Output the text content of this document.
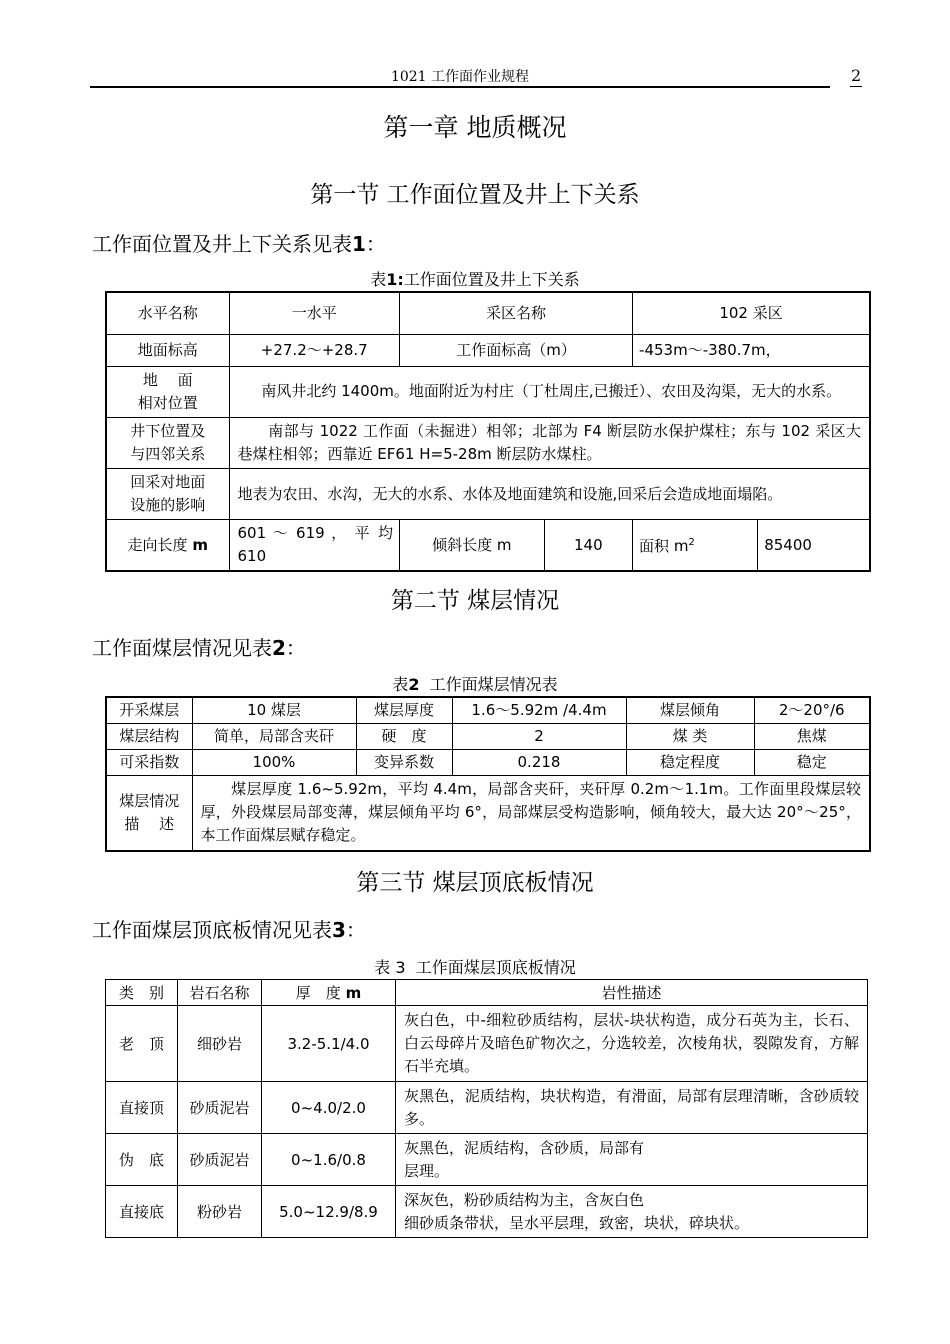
1021 工作面作业规程	2
第一章 地质概况
第一节 工作面位置及井上下关系
工作面位置及井上下关系见表1：
表1:工作面位置及井上下关系
水平名称	一水平	采区名称		102 采区	
地面标高	+27.2～+28.7	工作面标高（m）		-453m～-380.7m，	

地　 面
相对位置	南风井北约 1400m。地面附近为村庄（丁杜周庄,已搬迁）、农田及沟渠，无大的水系。				

井下位置及
与四邻关系	　　南部与 1022 工作面（未掘进）相邻；北部为 F4 断层防水保护煤柱；东与 102 采区大巷煤柱相邻；西靠近 EF61 H=5-28m 断层防水煤柱。				

回采对地面
设施的影响	地表为农田、水沟，无大的水系、水体及地面建筑和设施,回采后会造成地面塌陷。				
走向长度 m	601 ～ 619 ， 平 均 610	倾斜长度 m	140	面积 $m^2$	85400
第二节 煤层情况
工作面煤层情况见表2：
表2  工作面煤层情况表
开采煤层	10 煤层	煤层厚度	1.6～5.92m /4.4m	煤层倾角	2～20°/6
煤层结构	简单，局部含夹矸	硬　度	2	煤 类	焦煤
可采指数	100%	变异系数	0.218	稳定程度	稳定

煤层情况
描　 述	　　煤层厚度 1.6~5.92m，平均 4.4m，局部含夹矸，夹矸厚 0.2m～1.1m。工作面里段煤层较厚，外段煤层局部变薄，煤层倾角平均 6°，局部煤层受构造影响，倾角较大，最大达 20°～25°，本工作面煤层赋存稳定。				
第三节 煤层顶底板情况
工作面煤层顶底板情况见表3：
表 3  工作面煤层顶底板情况
类　别	岩石名称	厚　度 m	岩性描述
老　顶	细砂岩	3.2-5.1/4.0	灰白色，中-细粒砂质结构，层状-块状构造，成分石英为主，长石、白云母碎片及暗色矿物次之，分选较差，次棱角状，裂隙发育，方解石半充填。
直接顶	砂质泥岩	0~4.0/2.0	灰黑色，泥质结构，块状构造，有滑面，局部有层理清晰，含砂质较多。
伪　底	砂质泥岩	0~1.6/0.8	灰黑色，泥质结构，含砂质，局部有
层理。

直接底	粉砂岩	5.0~12.9/8.9	深灰色，粉砂质结构为主，含灰白色
细砂质条带状，呈水平层理，致密，块状，碎块状。
